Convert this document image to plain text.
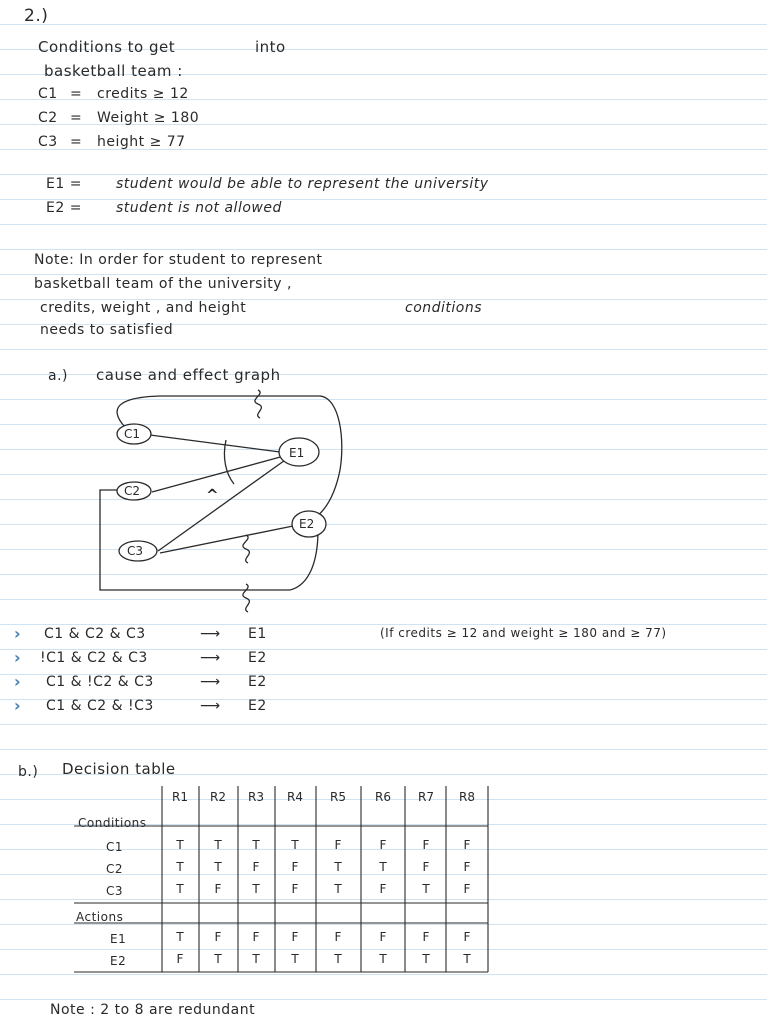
2.)
Conditions to get	into
basketball team :
C1 = credits ≥ 12
C2 = Weight ≥ 180
C3 = height ≥ 77
E1 = student would be able to represent the university
E2 = student is not allowed
Note: In order for student to represent
basketball team of the university ,
credits, weight , and height	conditions
needs to satisfied
a.) cause and effect graph
C1
C2
C3
E1
E2
^
›
›
›
›
C1 & C2 & C3	⟶ E1
!C1 & C2 & C3	⟶ E2
C1 & !C2 & C3	⟶ E2
C1 & C2 & !C3	⟶ E2
(If credits ≥ 12 and weight ≥ 180 and ≥ 77)
b.) Decision table
R1 R2 R3 R4 R5 R6 R7 R8
Conditions
Actions
C1	T	T	T	T	F	F	F	F
C2	T	T	F	F	T	T	F	F
C3	T	F	T	F	T	F	T	F
E1	T	F	F	F	F	F	F	F
E2	F	T	T	T	T	T	T	T
Note : 2 to 8 are redundant
